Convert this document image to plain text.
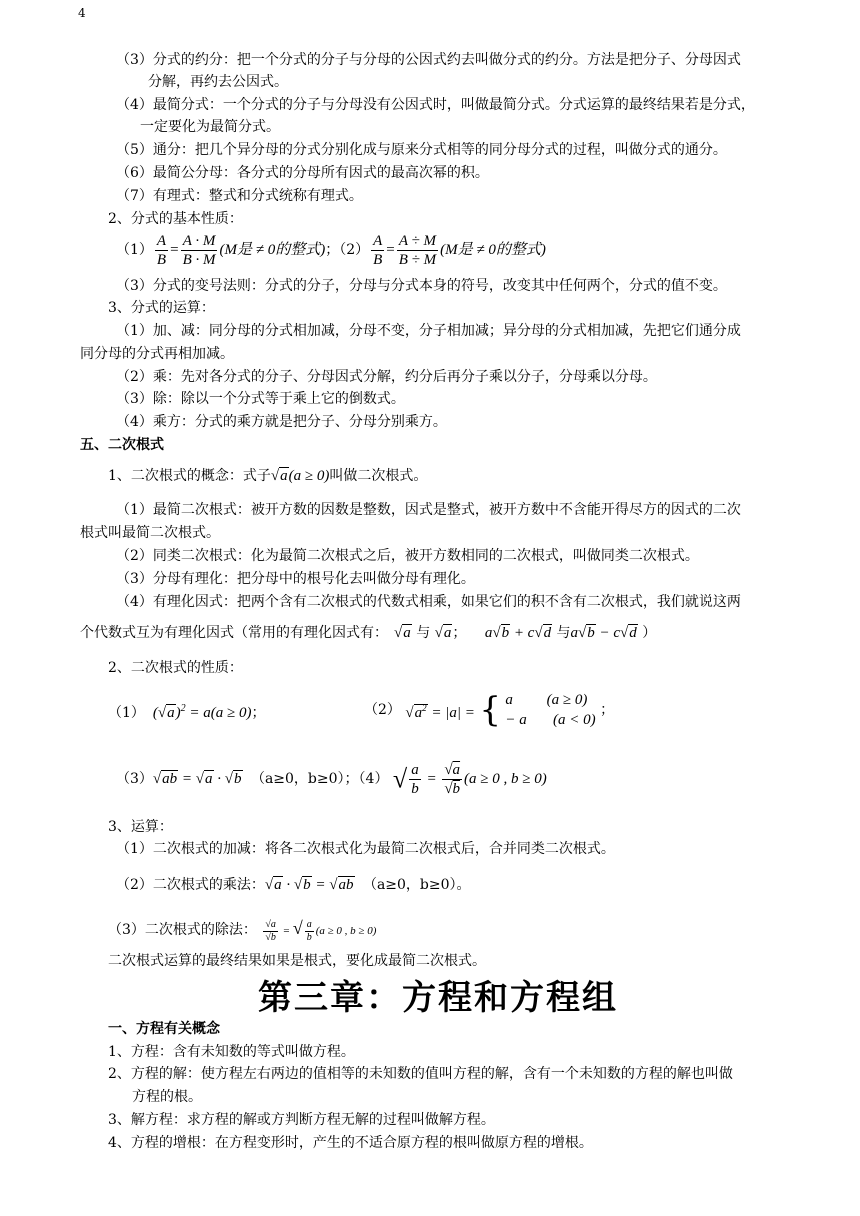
4
（3）分式的约分：把一个分式的分子与分母的公因式约去叫做分式的约分。方法是把分子、分母因式
分解，再约去公因式。
（4）最简分式：一个分式的分子与分母没有公因式时，叫做最简分式。分式运算的最终结果若是分式，
一定要化为最简分式。
（5）通分：把几个异分母的分式分别化成与原来分式相等的同分母分式的过程，叫做分式的通分。
（6）最简公分母：各分式的分母所有因式的最高次幂的积。
（7）有理式：整式和分式统称有理式。
2、分式的基本性质：
$(1) \frac{A}{B} = \frac{A \cdot M}{B \cdot M} (M$是 ≠ 0的整式)；$(2) \frac{A}{B} = \frac{A \div M}{B \div M} (M$是 ≠ 0的整式)
（3）分式的变号法则：分式的分子，分母与分式本身的符号，改变其中任何两个，分式的值不变。
3、分式的运算：
（1）加、减：同分母的分式相加减，分母不变，分子相加减；异分母的分式相加减，先把它们通分成
同分母的分式再相加减。
（2）乘：先对各分式的分子、分母因式分解，约分后再分子乘以分子，分母乘以分母。
（3）除：除以一个分式等于乘上它的倒数式。
（4）乘方：分式的乘方就是把分子、分母分别乘方。
五、二次根式
1、二次根式的概念：式子√a(a ≥ 0)叫做二次根式。
（1）最简二次根式：被开方数的因数是整数，因式是整式，被开方数中不含能开得尽方的因式的二次
根式叫最简二次根式。
（2）同类二次根式：化为最简二次根式之后，被开方数相同的二次根式，叫做同类二次根式。
（3）分母有理化：把分母中的根号化去叫做分母有理化。
（4）有理化因式：把两个含有二次根式的代数式相乘，如果它们的积不含有二次根式，我们就说这两
个代数式互为有理化因式（常用的有理化因式有： √a 与 √a； a√b + c√d 与a√b − c√d ）
2、二次根式的性质：
（1） $(√a)^2 = a(a \ge 0)$；	（2） $√a^2 = |a|$ = { a         (a ≥ 0)
− a       (a < 0)
；
（3）√ab = √a · √b （a≥0，b≥0）；（4） √ $\frac{a}{b} = \frac{√a}{√b} (a \ge 0$ , b ≥ 0)
3、运算：
（1）二次根式的加减：将各二次根式化为最简二次根式后，合并同类二次根式。
（2）二次根式的乘法：√a · √b = √ab （a≥0，b≥0）。
（3）二次根式的除法： $\frac{√a}{√b}$ = √ $\frac{a}{b} (a \ge 0$ , b ≥ 0)
二次根式运算的最终结果如果是根式，要化成最简二次根式。
第三章：方程和方程组
一、方程有关概念
1、方程：含有未知数的等式叫做方程。
2、方程的解：使方程左右两边的值相等的未知数的值叫方程的解，含有一个未知数的方程的解也叫做
方程的根。
3、解方程：求方程的解或方判断方程无解的过程叫做解方程。
4、方程的增根：在方程变形时，产生的不适合原方程的根叫做原方程的增根。
